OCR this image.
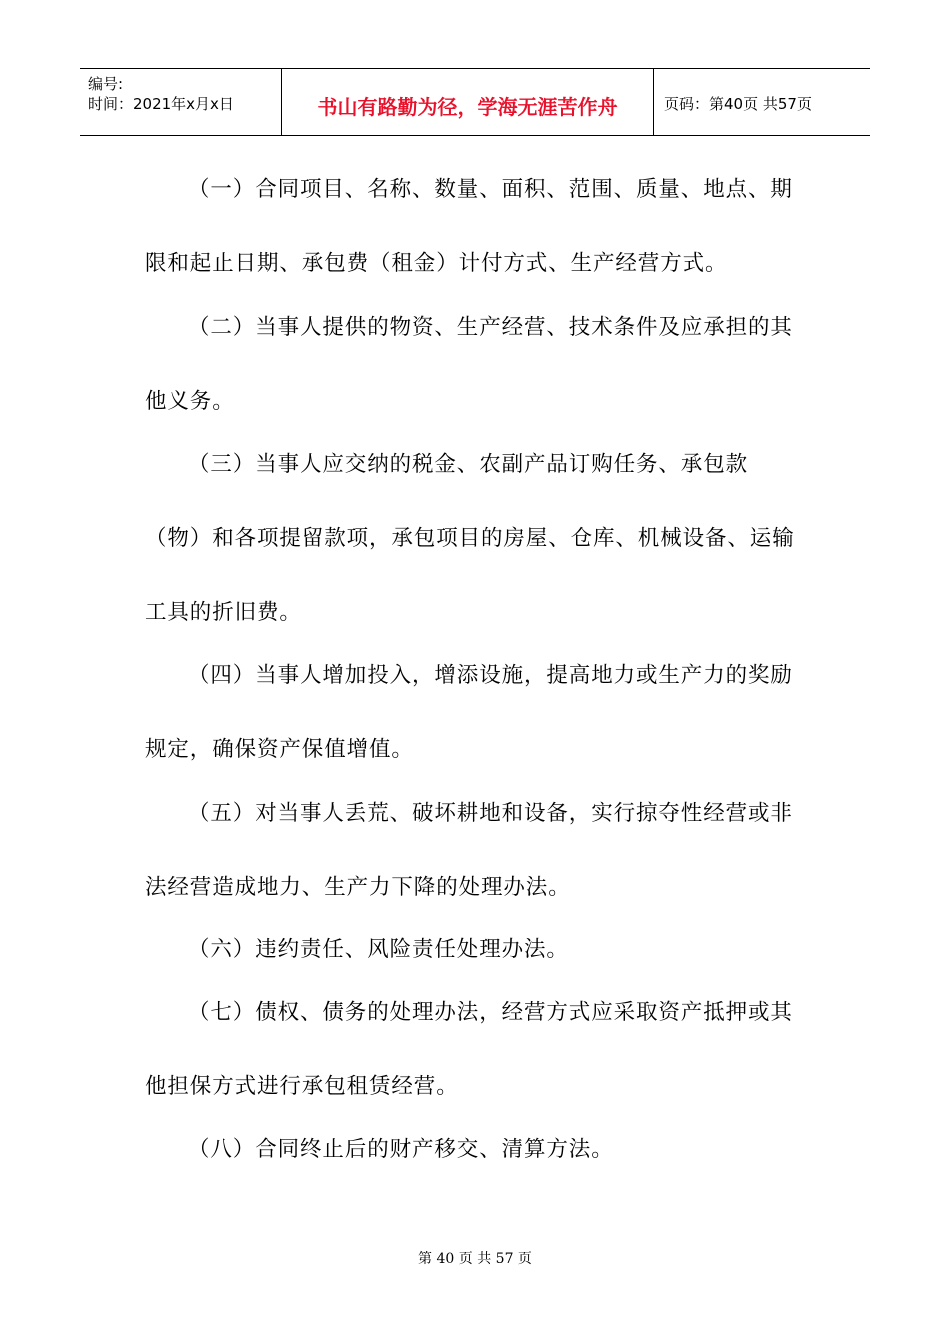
编号:
时间：2021年x月x日	书山有路勤为径，学海无涯苦作舟	页码：第40页 共57页
（一）合同项目、名称、数量、面积、范围、质量、地点、期
限和起止日期、承包费（租金）计付方式、生产经营方式。
（二）当事人提供的物资、生产经营、技术条件及应承担的其
他义务。
（三）当事人应交纳的税金、农副产品订购任务、承包款
（物）和各项提留款项，承包项目的房屋、仓库、机械设备、运输
工具的折旧费。
（四）当事人增加投入，增添设施，提高地力或生产力的奖励
规定，确保资产保值增值。
（五）对当事人丢荒、破坏耕地和设备，实行掠夺性经营或非
法经营造成地力、生产力下降的处理办法。
（六）违约责任、风险责任处理办法。
（七）债权、债务的处理办法，经营方式应采取资产抵押或其
他担保方式进行承包租赁经营。
（八）合同终止后的财产移交、清算方法。
第 40 页 共 57 页
